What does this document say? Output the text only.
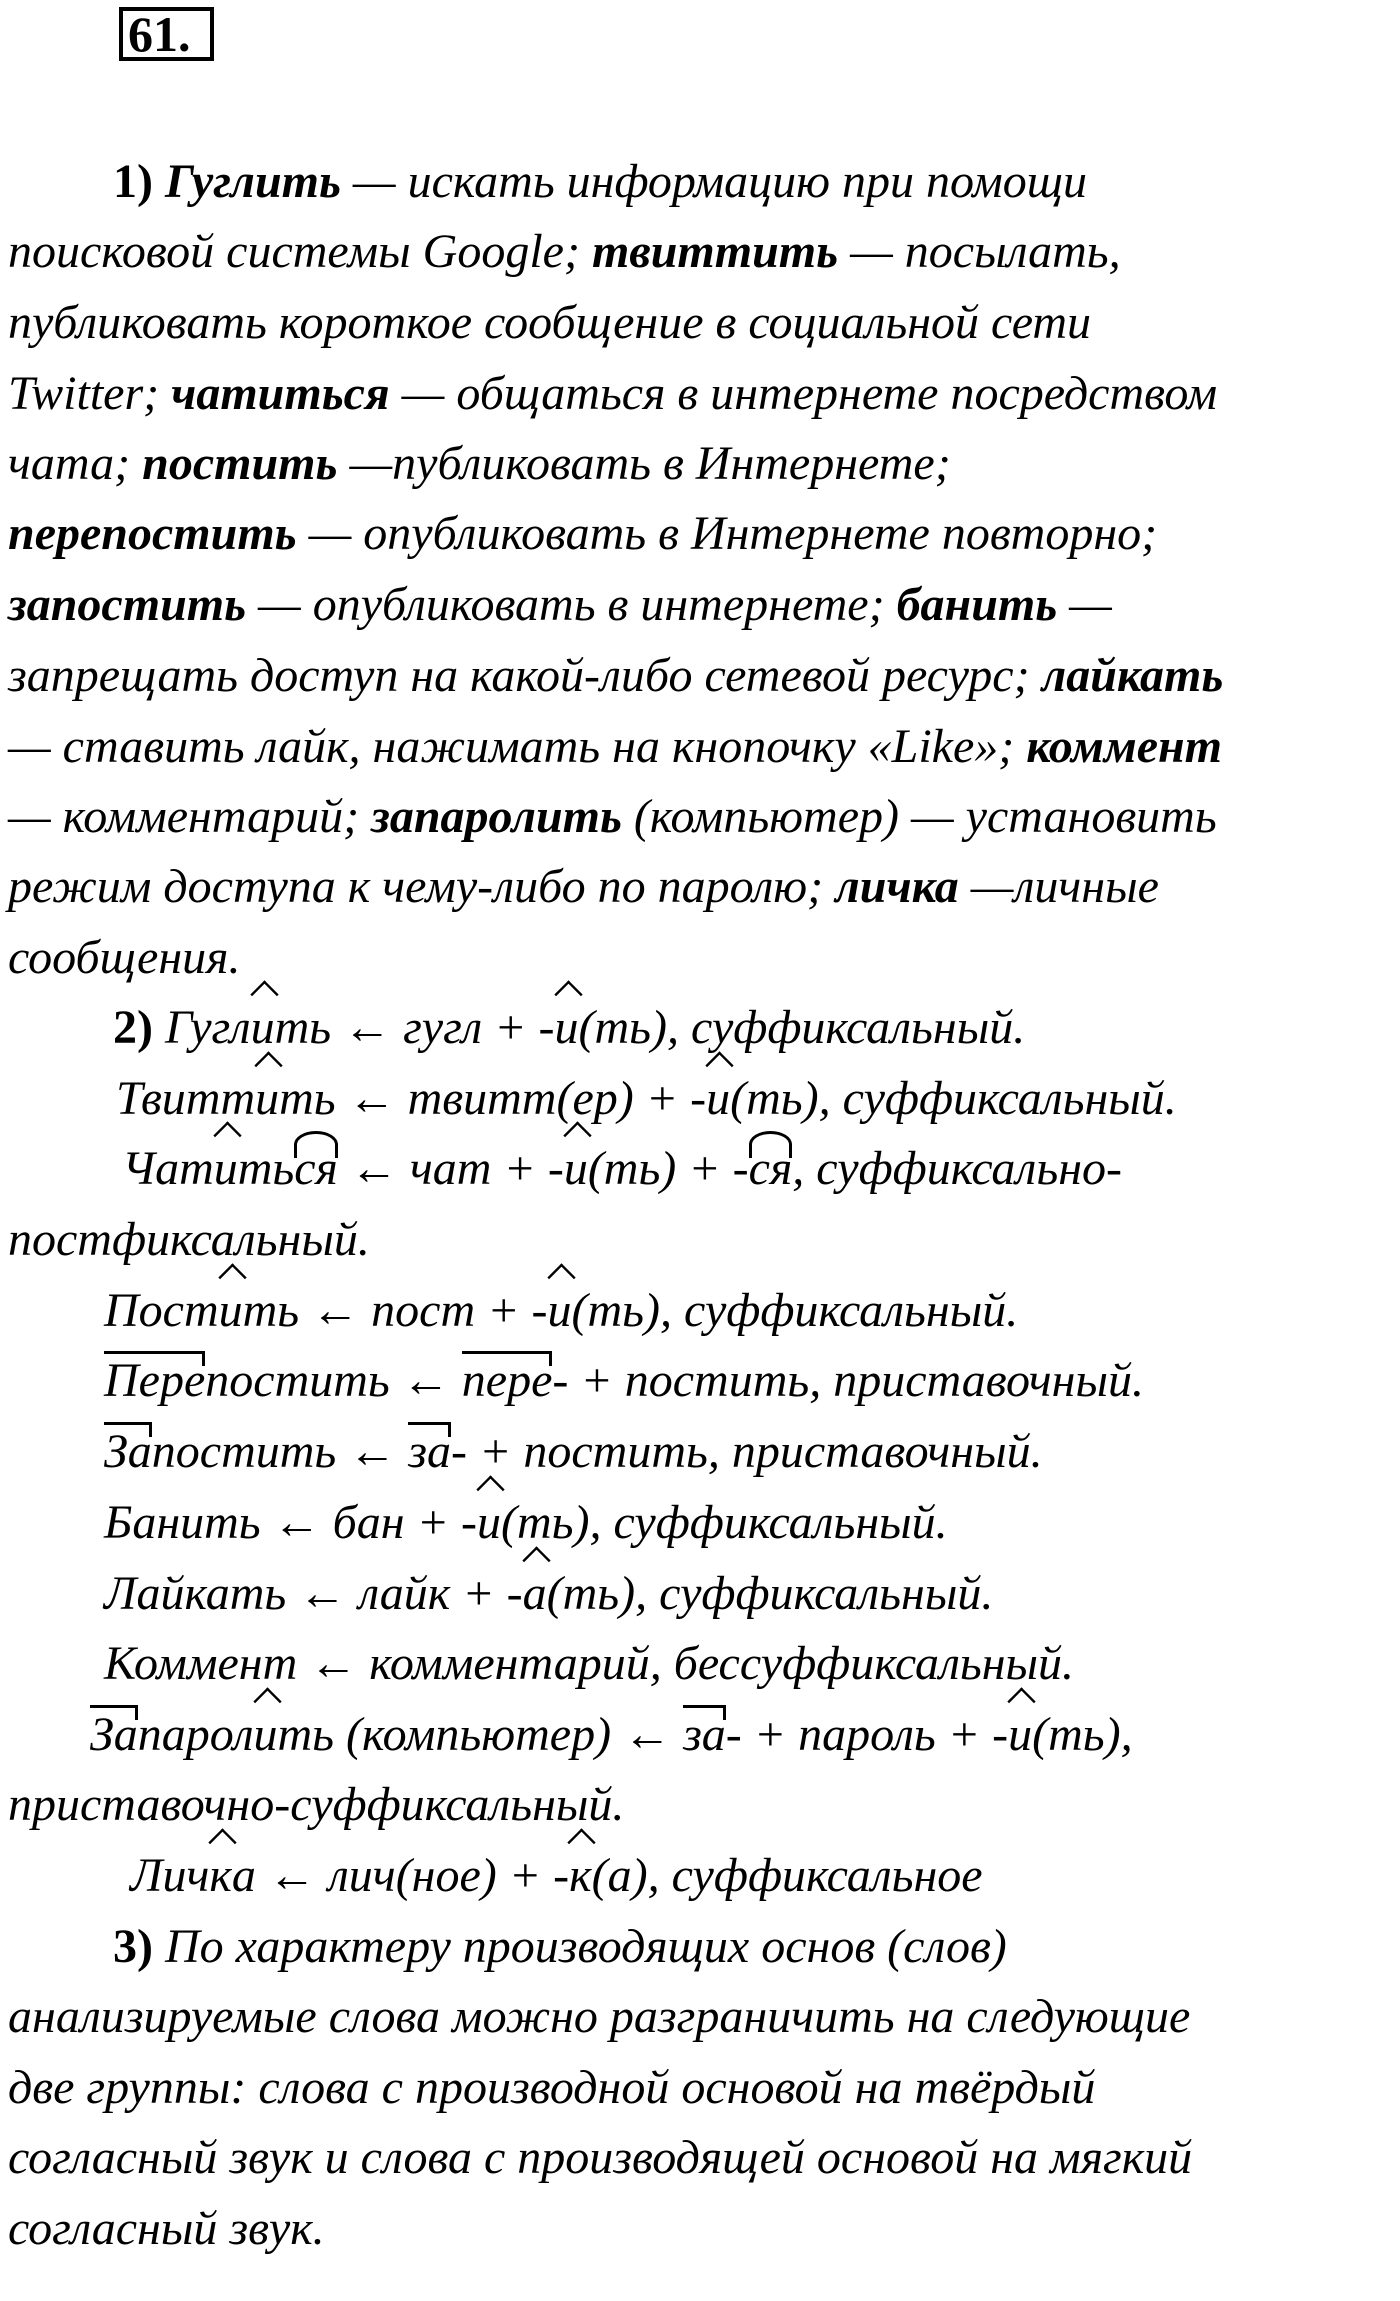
61.
1) Гуглить — искать информацию при помощи
поисковой системы Google; твиттить — посылать,
публиковать короткое сообщение в социальной сети
Twitter; чатиться — общаться в интернете посредством
чата; постить —публиковать в Интернете;
перепостить — опубликовать в Интернете повторно;
запостить — опубликовать в интернете; банить —
запрещать доступ на какой-либо сетевой ресурс; лайкать
— ставить лайк, нажимать на кнопочку «Like»; коммент
— комментарий; запаролить (компьютер) — установить
режим доступа к чему-либо по паролю; личка —личные
сообщения.
2) Гуглить ← гугл + -и(ть), суффиксальный.
Твиттить ← твитт(ер) + -и(ть), суффиксальный.
Чатиться ← чат + -и(ть) + -ся, суффиксально-
постфиксальный.
Постить ← пост + -и(ть), суффиксальный.
Перепостить ← пере- + постить, приставочный.
Запостить ← за- + постить, приставочный.
Банить ← бан + -и(ть), суффиксальный.
Лайкать ← лайк + -а(ть), суффиксальный.
Коммент ← комментарий, бессуффиксальный.
Запаролить (компьютер) ← за- + пароль + -и(ть),
приставочно-суффиксальный.
Личка ← лич(ное) + -к(а), суффиксальное
3) По характеру производящих основ (слов)
анализируемые слова можно разграничить на следующие
две группы: слова с производной основой на твёрдый
согласный звук и слова с производящей основой на мягкий
согласный звук.
